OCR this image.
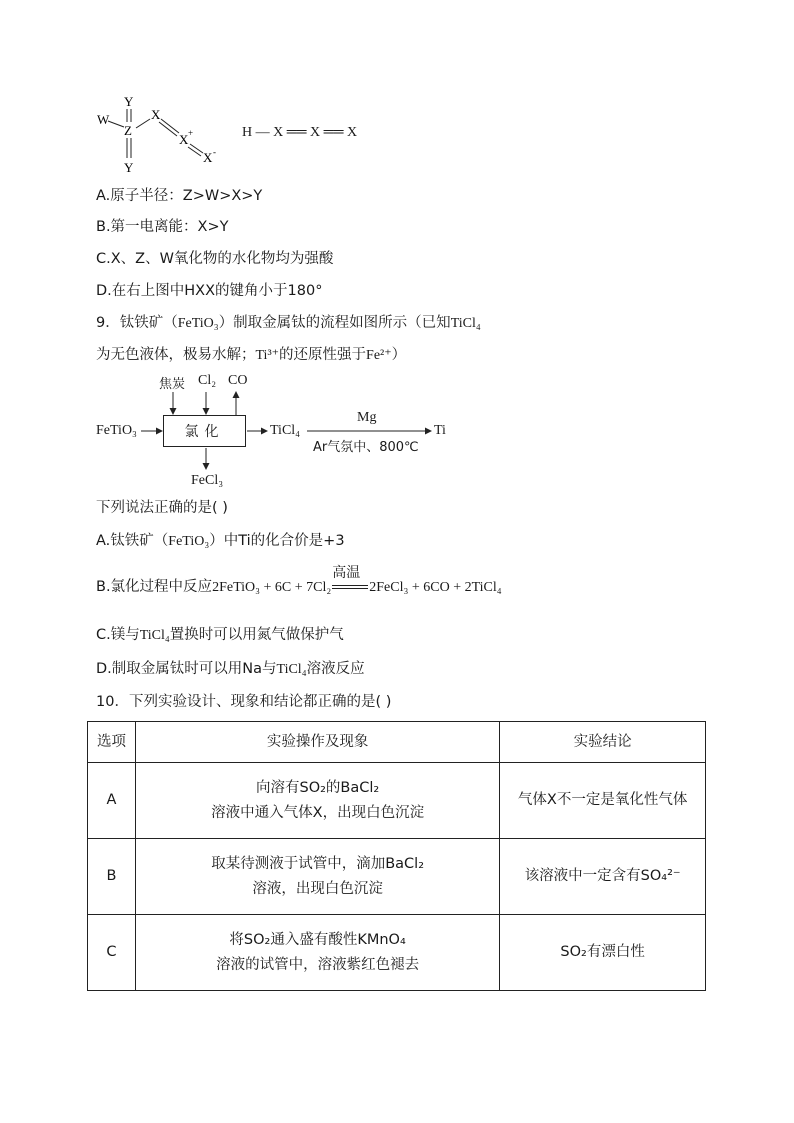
W
Y
Z
Y
X
X +
X -
H — X ══ X ══ X
A.原子半径：Z>W>X>Y
B.第一电离能：X>Y
C.X、Z、W氧化物的水化物均为强酸
D.在右上图中HXX的键角小于180°
9．钛铁矿（FeTiO₃）制取金属钛的流程如图所示（已知TiCl₄
为无色液体，极易水解；Ti³⁺的还原性强于Fe²⁺）
焦炭 Cl₂ CO
FeTiO₃	氯化	TiCl₄
Mg
Ar气氛中、800℃
Ti
FeCl₃
下列说法正确的是( )
A.钛铁矿（FeTiO₃）中Ti的化合价是+3
B.氯化过程中反应2FeTiO₃ + 6C + 7Cl₂
高温
2FeCl₃ + 6CO + 2TiCl₄
C.镁与TiCl₄置换时可以用氮气做保护气
D.制取金属钛时可以用Na与TiCl₄溶液反应
10．下列实验设计、现象和结论都正确的是( )
选项	实验操作及现象	实验结论
A	向溶有SO₂的BaCl₂
溶液中通入气体X，出现白色沉淀	气体X不一定是氧化性气体
B	取某待测液于试管中，滴加BaCl₂
溶液，出现白色沉淀	该溶液中一定含有SO₄²⁻
C	将SO₂通入盛有酸性KMnO₄
溶液的试管中，溶液紫红色褪去	SO₂有漂白性
